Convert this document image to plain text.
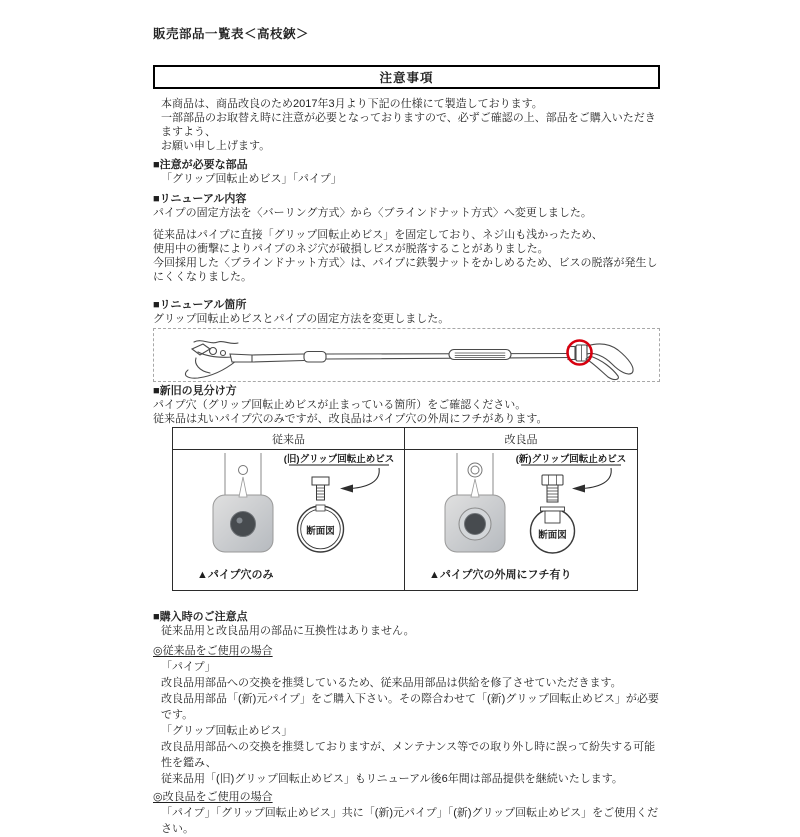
販売部品一覧表＜高枝鋏＞
注意事項
本商品は、商品改良のため2017年3月より下記の仕様にて製造しております。
一部部品のお取替え時に注意が必要となっておりますので、必ずご確認の上、部品をご購入いただきますよう、
お願い申し上げます。
■注意が必要な部品
「グリップ回転止めビス」「パイプ」
■リニューアル内容
パイプの固定方法を〈バーリング方式〉から〈ブラインドナット方式〉へ変更しました。
従来品はパイプに直接「グリップ回転止めビス」を固定しており、ネジ山も浅かったため、
使用中の衝撃によりパイプのネジ穴が破損しビスが脱落することがありました。
今回採用した〈ブラインドナット方式〉は、パイプに鉄製ナットをかしめるため、ビスの脱落が発生しにくくなりました。
■リニューアル箇所
グリップ回転止めビスとパイプの固定方法を変更しました。
■新旧の見分け方
パイプ穴（グリップ回転止めビスが止まっている箇所）をご確認ください。
従来品は丸いパイプ穴のみですが、改良品はパイプ穴の外周にフチがあります。
従来品	改良品
(旧)グリップ回転止めビス
断面図
▲パイプ穴のみ
(新)グリップ回転止めビス
断面図
▲パイプ穴の外周にフチ有り
■購入時のご注意点
従来品用と改良品用の部品に互換性はありません。
◎従来品をご使用の場合
「パイプ」
改良品用部品への交換を推奨しているため、従来品用部品は供給を修了させていただきます。
改良品用部品「(新)元パイプ」をご購入下さい。その際合わせて「(新)グリップ回転止めビス」が必要です。
「グリップ回転止めビス」
改良品用部品への交換を推奨しておりますが、メンテナンス等での取り外し時に誤って紛失する可能性を鑑み、
従来品用「(旧)グリップ回転止めビス」もリニューアル後6年間は部品提供を継続いたします。
◎改良品をご使用の場合
「パイプ」「グリップ回転止めビス」共に「(新)元パイプ」「(新)グリップ回転止めビス」をご使用ください。
